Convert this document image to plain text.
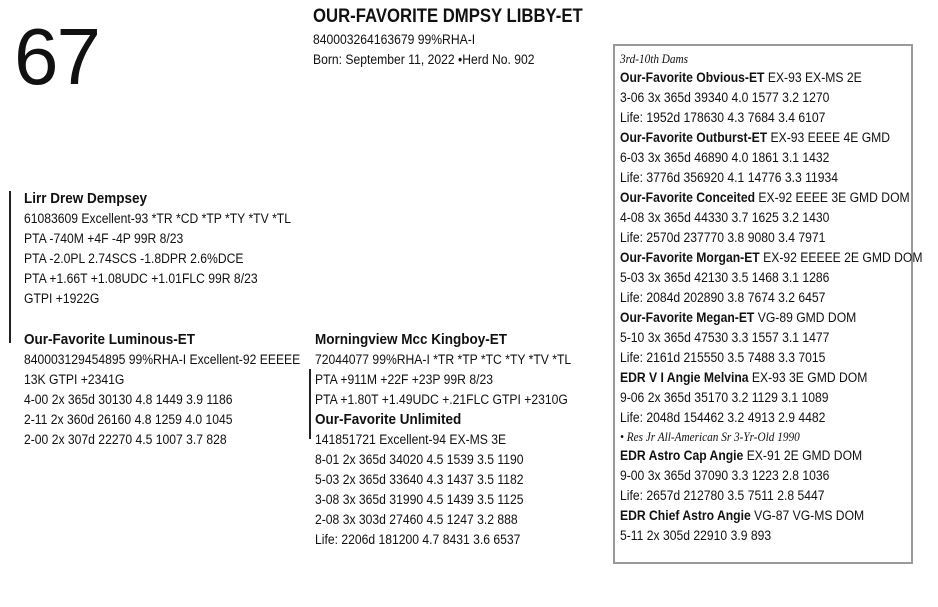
67	OUR-FAVORITE DMPSY LIBBY-ET
840003264163679 99%RHA-I
Born: September 11, 2022 •Herd No. 902
Lirr Drew Dempsey
61083609 Excellent-93 *TR *CD *TP *TY *TV *TL
PTA -740M +4F -4P 99R 8/23
PTA -2.0PL 2.74SCS -1.8DPR 2.6%DCE
PTA +1.66T +1.08UDC +1.01FLC 99R 8/23
GTPI +1922G
Our-Favorite Luminous-ET
840003129454895 99%RHA-I Excellent-92 EEEEE
13K GTPI +2341G
4-00 2x 365d 30130 4.8 1449 3.9 1186
2-11 2x 360d 26160 4.8 1259 4.0 1045
2-00 2x 307d 22270 4.5 1007 3.7 828
Morningview Mcc Kingboy-ET
72044077 99%RHA-I *TR *TP *TC *TY *TV *TL
PTA +911M +22F +23P 99R 8/23
PTA +1.80T +1.49UDC +.21FLC GTPI +2310G
Our-Favorite Unlimited
141851721 Excellent-94 EX-MS 3E
8-01 2x 365d 34020 4.5 1539 3.5 1190
5-03 2x 365d 33640 4.3 1437 3.5 1182
3-08 3x 365d 31990 4.5 1439 3.5 1125
2-08 3x 303d 27460 4.5 1247 3.2 888
Life: 2206d 181200 4.7 8431 3.6 6537
3rd-10th Dams
Our-Favorite Obvious-ET EX-93 EX-MS 2E
3-06 3x 365d 39340 4.0 1577 3.2 1270
Life: 1952d 178630 4.3 7684 3.4 6107
Our-Favorite Outburst-ET EX-93 EEEE 4E GMD
6-03 3x 365d 46890 4.0 1861 3.1 1432
Life: 3776d 356920 4.1 14776 3.3 11934
Our-Favorite Conceited EX-92 EEEE 3E GMD DOM
4-08 3x 365d 44330 3.7 1625 3.2 1430
Life: 2570d 237770 3.8 9080 3.4 7971
Our-Favorite Morgan-ET EX-92 EEEEE 2E GMD DOM
5-03 3x 365d 42130 3.5 1468 3.1 1286
Life: 2084d 202890 3.8 7674 3.2 6457
Our-Favorite Megan-ET VG-89 GMD DOM
5-10 3x 365d 47530 3.3 1557 3.1 1477
Life: 2161d 215550 3.5 7488 3.3 7015
EDR V I Angie Melvina EX-93 3E GMD DOM
9-06 2x 365d 35170 3.2 1129 3.1 1089
Life: 2048d 154462 3.2 4913 2.9 4482
• Res Jr All-American Sr 3-Yr-Old 1990
EDR Astro Cap Angie EX-91 2E GMD DOM
9-00 3x 365d 37090 3.3 1223 2.8 1036
Life: 2657d 212780 3.5 7511 2.8 5447
EDR Chief Astro Angie VG-87 VG-MS DOM
5-11 2x 305d 22910 3.9 893
